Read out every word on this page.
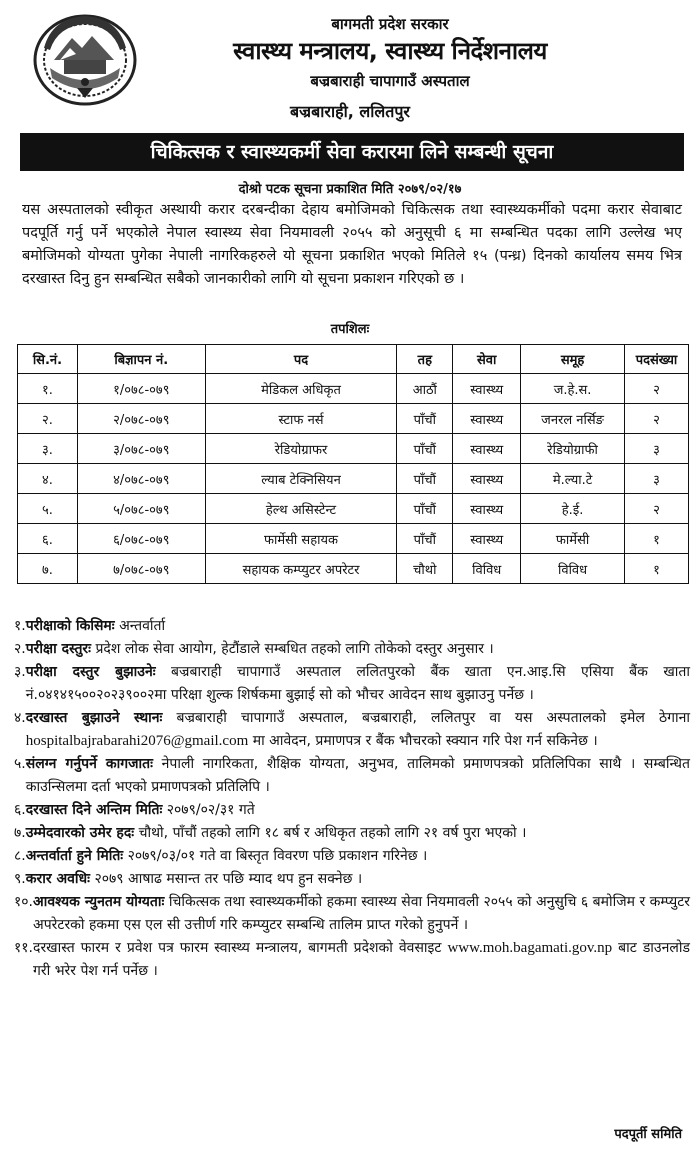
बागमती प्रदेश सरकार
स्वास्थ्य मन्त्रालय, स्वास्थ्य निर्देशनालय
बज्रबाराही चापागाउँ अस्पताल
बज्रबाराही, ललितपुर
चिकित्सक र स्वास्थ्यकर्मी सेवा करारमा लिने सम्बन्धी सूचना
दोश्रो पटक सूचना प्रकाशित मिति २०७९/०२/१७
यस अस्पतालको स्वीकृत अस्थायी करार दरबन्दीका देहाय बमोजिमको चिकित्सक तथा स्वास्थ्यकर्मीको पदमा करार सेवाबाट पदपूर्ति गर्नु पर्ने भएकोले नेपाल स्वास्थ्य सेवा नियमावली २०५५ को अनुसूची ६ मा सम्बन्धित पदका लागि उल्लेख भए बमोजिमको योग्यता पुगेका नेपाली नागरिकहरुले यो सूचना प्रकाशित भएको मितिले १५ (पन्ध्र) दिनको कार्यालय समय भित्र दरखास्त दिनु हुन सम्बन्धित सबैको जानकारीको लागि यो सूचना प्रकाशन गरिएको छ ।
तपशिलः
सि.नं.	बिज्ञापन नं.	पद	तह	सेवा	समूह	पदसंख्या
१.	१/०७८-०७९	मेडिकल अधिकृत	आठौं	स्वास्थ्य	ज.हे.स.	२
२.	२/०७८-०७९	स्टाफ नर्स	पाँचौं	स्वास्थ्य	जनरल नर्सिङ	२
३.	३/०७८-०७९	रेडियोग्राफर	पाँचौं	स्वास्थ्य	रेडियोग्राफी	३
४.	४/०७८-०७९	ल्याब टेक्निसियन	पाँचौं	स्वास्थ्य	मे.ल्या.टे	३
५.	५/०७८-०७९	हेल्थ असिस्टेन्ट	पाँचौं	स्वास्थ्य	हे.ई.	२
६.	६/०७८-०७९	फार्मेसी सहायक	पाँचौं	स्वास्थ्य	फार्मेसी	१
७.	७/०७८-०७९	सहायक कम्प्युटर अपरेटर	चौथो	विविध	विविध	१

१. परीक्षाको किसिमः अन्तर्वार्ता

२. परीक्षा दस्तुरः प्रदेश लोक सेवा आयोग, हेटौंडाले सम्बधित तहको लागि तोकेको दस्तुर अनुसार ।

३. परीक्षा दस्तुर बुझाउनेः बज्रबाराही चापागाउँ अस्पताल ललितपुरको बैंक खाता एन.आइ.सि एसिया बैंक खाता नं.०४१४१५००२०२३९००२मा परिक्षा शुल्क शिर्षकमा बुझाई सो को भौचर आवेदन साथ बुझाउनु पर्नेछ ।

४. दरखास्त बुझाउने स्थानः बज्रबाराही चापागाउँ अस्पताल, बज्रबाराही, ललितपुर वा यस अस्पतालको इमेल ठेगाना hospitalbajrabarahi2076@gmail.com मा आवेदन, प्रमाणपत्र र बैंक भौचरको स्क्यान गरि पेश गर्न सकिनेछ ।

५. संलग्न गर्नुपर्ने कागजातः नेपाली नागरिकता, शैक्षिक योग्यता, अनुभव, तालिमको प्रमाणपत्रको प्रतिलिपिका साथै । सम्बन्धित काउन्सिलमा दर्ता भएको प्रमाणपत्रको प्रतिलिपि ।

६. दरखास्त दिने अन्तिम मितिः २०७९/०२/३१ गते

७. उम्मेदवारको उमेर हदः चौथो, पाँचौं तहको लागि १८ बर्ष र अधिकृत तहको लागि २१ वर्ष पुरा भएको ।

८. अन्तर्वार्ता हुने मितिः २०७९/०३/०१ गते वा बिस्तृत विवरण पछि प्रकाशन गरिनेछ ।

९. करार अवधिः २०७९ आषाढ मसान्त तर पछि म्याद थप हुन सक्नेछ ।

१०. आवश्यक न्युनतम योग्यताः चिकित्सक तथा स्वास्थ्यकर्मीको हकमा स्वास्थ्य सेवा नियमावली २०५५ को अनुसुचि ६ बमोजिम र कम्प्युटर अपरेटरको हकमा एस एल सी उत्तीर्ण गरि कम्प्युटर सम्बन्धि तालिम प्राप्त गरेको हुनुपर्ने ।

११. दरखास्त फारम र प्रवेश पत्र फारम स्वास्थ्य मन्त्रालय, बागमती प्रदेशको वेवसाइट www.moh.bagamati.gov.np बाट डाउनलोड गरी भरेर पेश गर्न पर्नेछ ।

पदपूर्ती समिति
